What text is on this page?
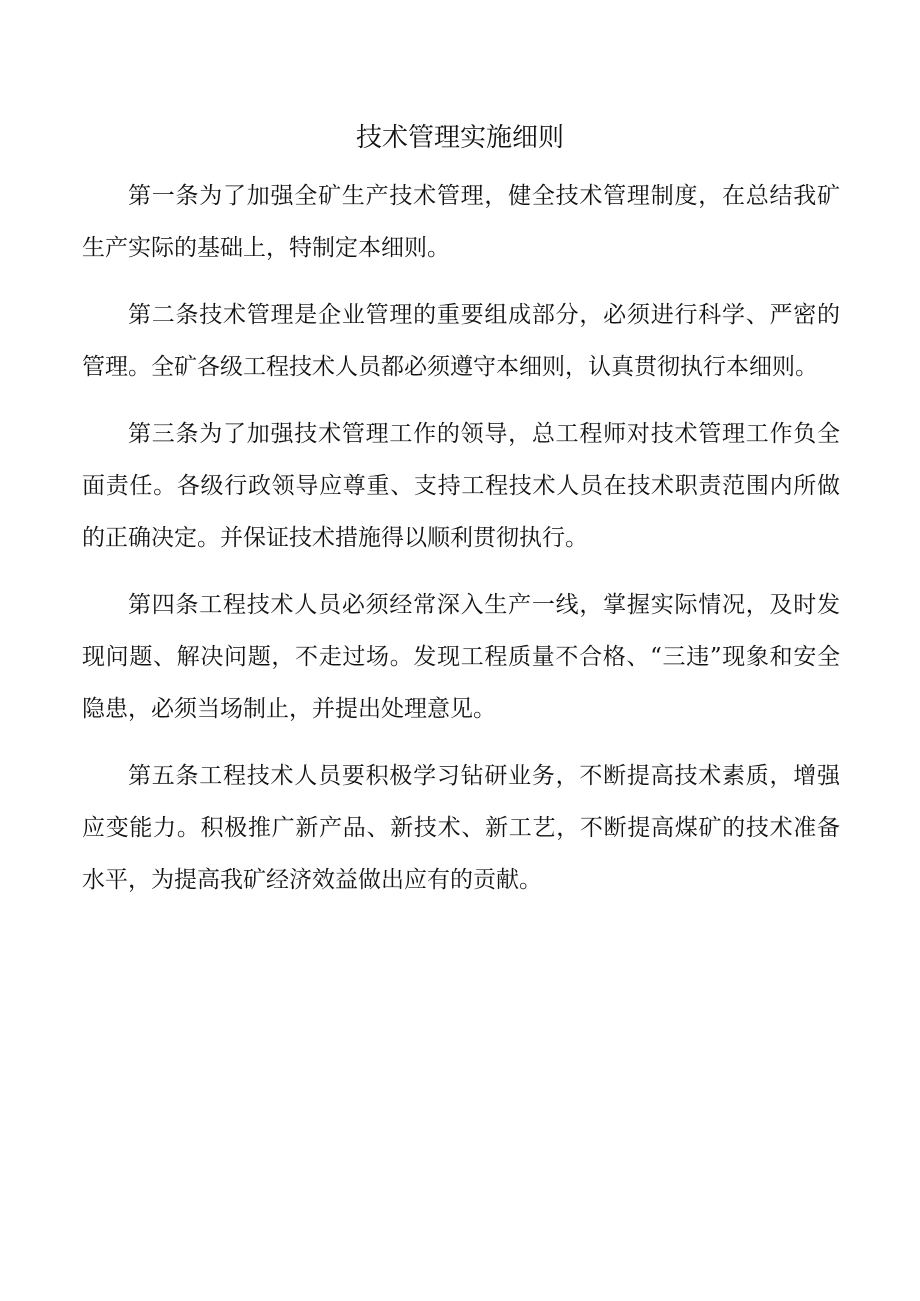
技术管理实施细则

第一条为了加强全矿生产技术管理，健全技术管理制度，在总结我矿生产实际的基础上，特制定本细则。

第二条技术管理是企业管理的重要组成部分，必须进行科学、严密的管理。全矿各级工程技术人员都必须遵守本细则，认真贯彻执行本细则。

第三条为了加强技术管理工作的领导，总工程师对技术管理工作负全面责任。各级行政领导应尊重、支持工程技术人员在技术职责范围内所做的正确决定。并保证技术措施得以顺利贯彻执行。

第四条工程技术人员必须经常深入生产一线，掌握实际情况，及时发现问题、解决问题，不走过场。发现工程质量不合格、“三违”现象和安全隐患，必须当场制止，并提出处理意见。

第五条工程技术人员要积极学习钻研业务，不断提高技术素质，增强应变能力。积极推广新产品、新技术、新工艺，不断提高煤矿的技术准备水平，为提高我矿经济效益做出应有的贡献。
